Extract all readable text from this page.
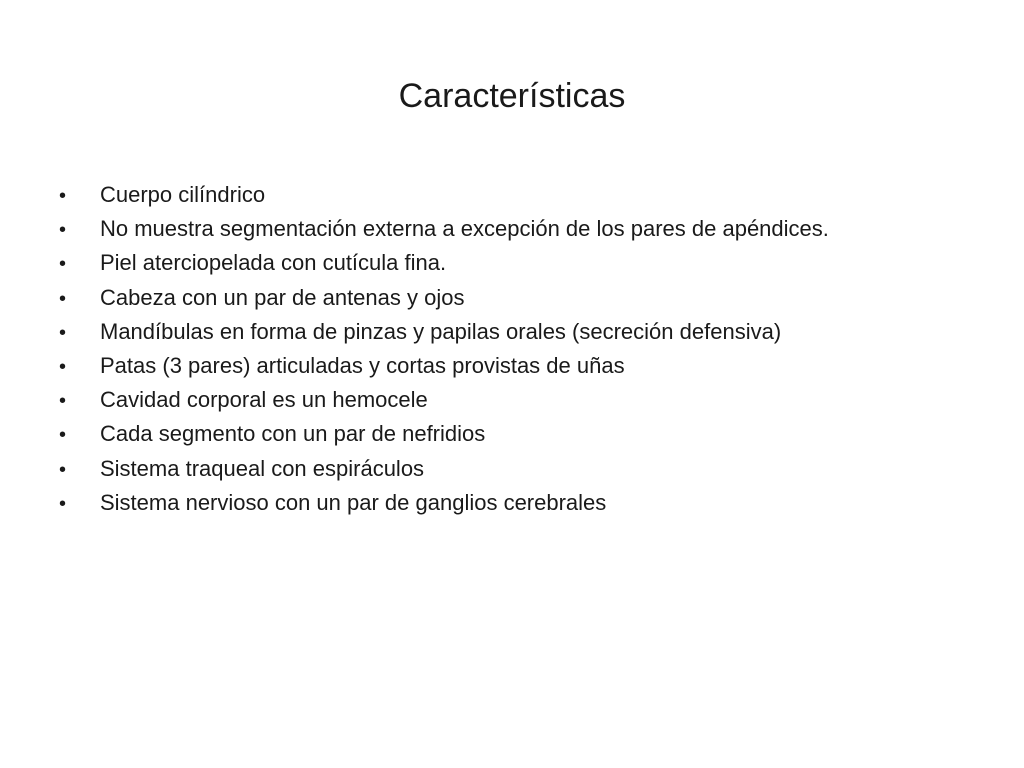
Características
•	Cuerpo cilíndrico
•	No muestra segmentación externa a excepción de los pares de apéndices.
•	Piel aterciopelada con cutícula fina.
•	Cabeza con un par de antenas y ojos
•	Mandíbulas en forma de pinzas y papilas orales (secreción defensiva)
•	Patas (3 pares) articuladas y cortas provistas de uñas
•	Cavidad corporal es un hemocele
•	Cada segmento con un par de nefridios
•	Sistema traqueal con espiráculos
•	Sistema nervioso con un par de ganglios cerebrales
